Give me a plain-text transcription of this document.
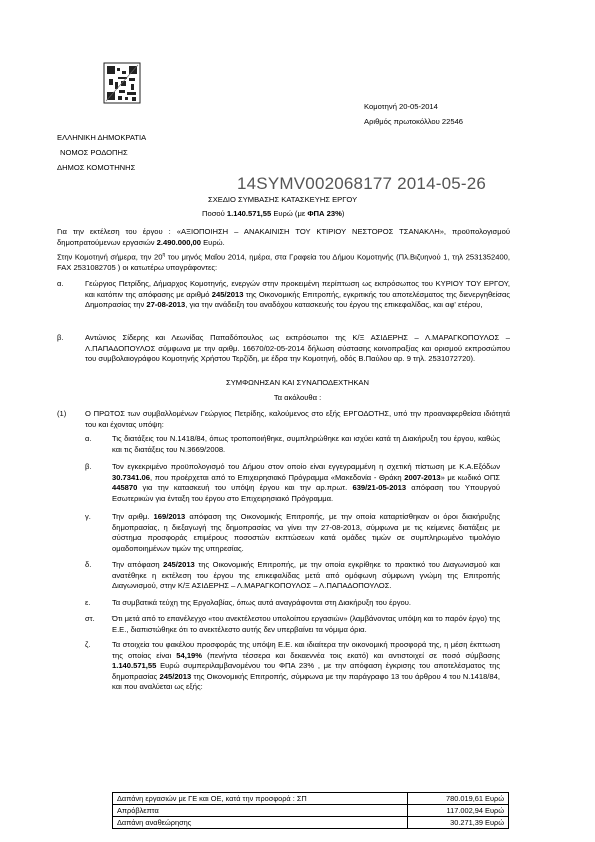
Κομοτηνή 20-05-2014
Αριθμός πρωτοκόλλου 22546
ΕΛΛΗΝΙΚΗ ΔΗΜΟΚΡΑΤΙΑ
ΝΟΜΟΣ ΡΟΔΟΠΗΣ
ΔΗΜΟΣ ΚΟΜΟΤΗΝΗΣ
14SYMV002068177 2014-05-26
ΣΧΕΔΙΟ ΣΥΜΒΑΣΗΣ ΚΑΤΑΣΚΕΥΗΣ ΕΡΓΟΥ
Ποσού 1.140.571,55 Ευρώ (με ΦΠΑ 23%)
Για την εκτέλεση του έργου : «ΑΞΙΟΠΟΙΗΣΗ – ΑΝΑΚΑΙΝΙΣΗ ΤΟΥ ΚΤΙΡΙΟΥ ΝΕΣΤΟΡΟΣ ΤΣΑΝΑΚΛΗ», προϋπολογισμού δημοπρατούμενων εργασιών 2.490.000,00 Ευρώ.
Στην Κομοτηνή σήμερα, την $20^\eta$ του μηνός Μαΐου 2014, ημέρα, στα Γραφεία του Δήμου Κομοτηνής (Πλ.Βιζυηνού 1, τηλ 2531352400, FAX 2531082705 ) οι κατωτέρω υπογράφοντες:
α.	Γεώργιος Πετρίδης, Δήμαρχος Κομοτηνής, ενεργών στην προκειμένη περίπτωση ως εκπρόσωπος του ΚΥΡΙΟΥ ΤΟΥ ΕΡΓΟΥ, και κατόπιν της απόφασης με αριθμό 245/2013 της Οικονομικής Επιτροπής, εγκριτικής του αποτελέσματος της διενεργηθείσας Δημοπρασίας την 27-08-2013, για την ανάδειξη του αναδόχου κατασκευής του έργου της επικεφαλίδας, και αφ' ετέρου,
β.	Αντώνιος Σίδερης και Λεωνίδας Παπαδόπουλος ως εκπρόσωποι της Κ/Ξ ΑΣΙΔΕΡΗΣ – Λ.ΜΑΡΑΓΚΟΠΟΥΛΟΣ – Λ.ΠΑΠΑΔΟΠΟΥΛΟΣ σύμφωνα με την αριθμ. 16670/02-05-2014 δήλωση σύστασης κοινοπραξίας και ορισμού εκπροσώπου του συμβολαιογράφου Κομοτηνής Χρήστου Τερζίδη, με έδρα την Κομοτηνή, οδός Β.Παύλου αρ. 9 τηλ. 2531072720).
ΣΥΜΦΩΝΗΣΑΝ ΚΑΙ ΣΥΝΑΠΟΔΕΧΤΗΚΑΝ
Τα ακόλουθα :
(1) Ο ΠΡΩΤΟΣ των συμβαλλομένων Γεώργιος Πετρίδης, καλούμενος στο εξής ΕΡΓΟΔΟΤΗΣ, υπό την προαναφερθείσα ιδιότητά του και έχοντας υπόψη:
α.	Τις διατάξεις του Ν.1418/84, όπως τροποποιήθηκε, συμπληρώθηκε και ισχύει κατά τη Διακήρυξη του έργου, καθώς και τις διατάξεις του Ν.3669/2008.
β.	Τον εγκεκριμένο προϋπολογισμό του Δήμου στον οποίο είναι εγγεγραμμένη η σχετική πίστωση με Κ.Α.Εξόδων 30.7341.06, που προέρχεται από το Επιχειρησιακό Πρόγραμμα «Μακεδονία - Θράκη 2007-2013» με κωδικό ΟΠΣ 445870 για την κατασκευή του υπόψη έργου και την αρ.πρωτ. 639/21-05-2013 απόφαση του Υπουργού Εσωτερικών για ένταξη του έργου στο Επιχειρησιακό Πρόγραμμα.
γ.	Την αριθμ. 169/2013 απόφαση της Οικονομικής Επιτροπής, με την οποία καταρτίσθηκαν οι όροι διακήρυξης δημοπρασίας, η διεξαγωγή της δημοπρασίας να γίνει την 27-08-2013, σύμφωνα με τις κείμενες διατάξεις με σύστημα προσφοράς επιμέρους ποσοστών εκπτώσεων κατά ομάδες τιμών σε συμπληρωμένο τιμολόγιο ομαδοποιημένων τιμών της υπηρεσίας.
δ.	Την απόφαση 245/2013 της Οικονομικής Επιτροπής, με την οποία εγκρίθηκε το πρακτικό του Διαγωνισμού και ανατέθηκε η εκτέλεση του έργου της επικεφαλίδας μετά από ομόφωνη σύμφωνη γνώμη της Επιτροπής Διαγωνισμού, στην Κ/Ξ ΑΣΙΔΕΡΗΣ – Λ.ΜΑΡΑΓΚΟΠΟΥΛΟΣ – Λ.ΠΑΠΑΔΟΠΟΥΛΟΣ.
ε.	Τα συμβατικά τεύχη της Εργολαβίας, όπως αυτά αναγράφονται στη Διακήρυξη του έργου.
στ. Ότι μετά από το επανέλεγχο «του ανεκτέλεστου υπολοίπου εργασιών» (λαμβάνοντας υπόψη και το παρόν έργο) της Ε.Ε., διαπιστώθηκε ότι το ανεκτέλεστο αυτής δεν υπερβαίνει τα νόμιμα όρια.
ζ.	Τα στοιχεία του φακέλου προσφοράς της υπόψη Ε.Ε. και ιδιαίτερα την οικονομική προσφορά της, η μέση έκπτωση της οποίας είναι 54,19% (πενήντα τέσσερα και δεκαεννέα τοις εκατό) και αντιστοιχεί σε ποσό σύμβασης 1.140.571,55 Ευρώ συμπεριλαμβανομένου του ΦΠΑ 23% , με την απόφαση έγκρισης του αποτελέσματος της δημοπρασίας 245/2013 της Οικονομικής Επιτροπής, σύμφωνα με την παράγραφο 13 του άρθρου 4 του Ν.1418/84, και που αναλύεται ως εξής:
Δαπάνη εργασιών με ΓΕ και ΟΕ, κατά την προσφορά : ΣΠ	780.019,61 Ευρώ
Απρόβλεπτα	117.002,94 Ευρώ
Δαπάνη αναθεώρησης	30.271,39 Ευρώ
